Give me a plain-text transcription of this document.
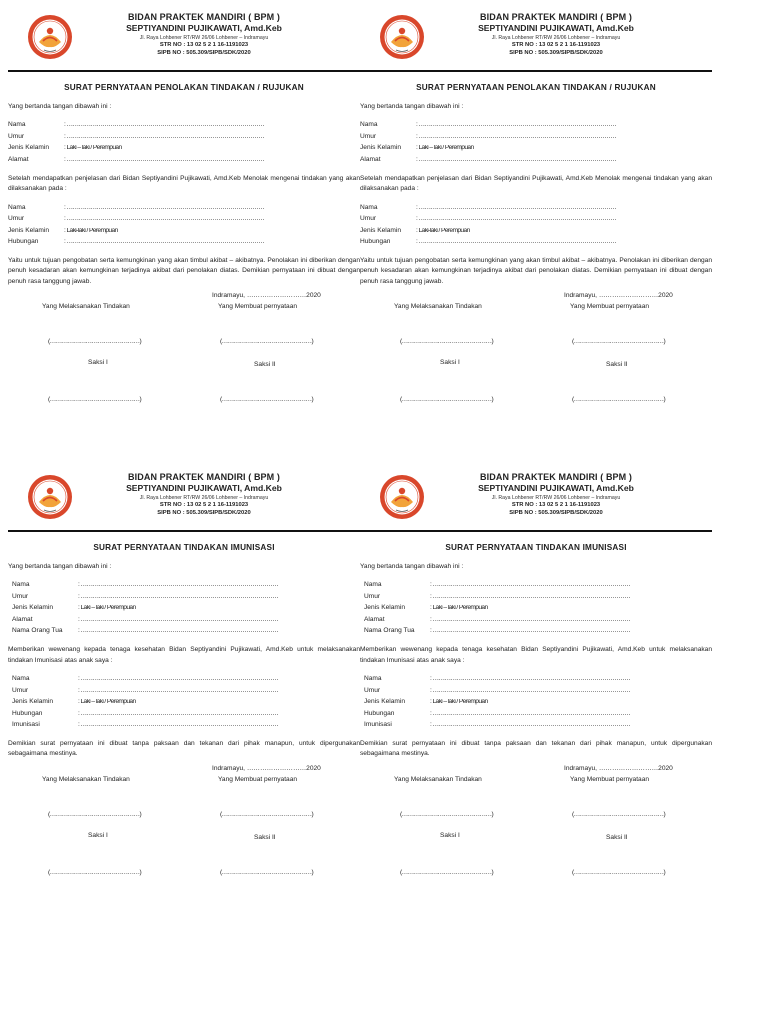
BIDAN PRAKTEK MANDIRI ( BPM )
SEPTIYANDINI PUJIKAWATI, Amd.Keb
Jl. Raya Lohbener RT/RW 26/06 Lohbener – Indramayu
STR NO : 13 02 5 2 1 16-1191023
SIPB NO : 505.309/SIPB/SDK/2020
SURAT PERNYATAAN PENOLAKAN TINDAKAN / RUJUKAN
Yang bertanda tangan dibawah ini :
Nama	: ………………………………………………………………………………………
Umur	: ………………………………………………………………………………………
Jenis Kelamin	: Laki – laki / Perempuan
Alamat	: ………………………………………………………………………………………
Setelah mendapatkan penjelasan dari Bidan Septiyandini Pujikawati, Amd.Keb Menolak mengenai tindakan yang akan dilaksanakan pada :
Nama	: ………………………………………………………………………………………
Umur	: ………………………………………………………………………………………
Jenis Kelamin	: Laki-laki / Perempuan
Hubungan	: ………………………………………………………………………………………
Yaitu untuk tujuan pengobatan serta kemungkinan yang akan timbul akibat – akibatnya. Penolakan ini diberikan dengan penuh kesadaran akan kemungkinan terjadinya akibat dari penolakan diatas. Demikian pernyataan ini dibuat dengan penuh rasa tanggung jawab.
Indramayu, ………………………2020
Yang Melaksanakan Tindakan	Yang Membuat pernyataan
(………………………………………)	(………………………………………)
Saksi I	Saksi II
(………………………………………)	(………………………………………)
BIDAN PRAKTEK MANDIRI ( BPM )
SEPTIYANDINI PUJIKAWATI, Amd.Keb
Jl. Raya Lohbener RT/RW 26/06 Lohbener – Indramayu
STR NO : 13 02 5 2 1 16-1191023
SIPB NO : 505.309/SIPB/SDK/2020
SURAT PERNYATAAN PENOLAKAN TINDAKAN / RUJUKAN
Yang bertanda tangan dibawah ini :
Nama	: ………………………………………………………………………………………
Umur	: ………………………………………………………………………………………
Jenis Kelamin	: Laki – laki / Perempuan
Alamat	: ………………………………………………………………………………………
Setelah mendapatkan penjelasan dari Bidan Septiyandini Pujikawati, Amd.Keb Menolak mengenai tindakan yang akan dilaksanakan pada :
Nama	: ………………………………………………………………………………………
Umur	: ………………………………………………………………………………………
Jenis Kelamin	: Laki-laki / Perempuan
Hubungan	: ………………………………………………………………………………………
Yaitu untuk tujuan pengobatan serta kemungkinan yang akan timbul akibat – akibatnya. Penolakan ini diberikan dengan penuh kesadaran akan kemungkinan terjadinya akibat dari penolakan diatas. Demikian pernyataan ini dibuat dengan penuh rasa tanggung jawab.
Indramayu, ………………………2020
Yang Melaksanakan Tindakan	Yang Membuat pernyataan
(………………………………………)	(………………………………………)
Saksi I	Saksi II
(………………………………………)	(………………………………………)
BIDAN PRAKTEK MANDIRI ( BPM )
SEPTIYANDINI PUJIKAWATI, Amd.Keb
Jl. Raya Lohbener RT/RW 26/06 Lohbener – Indramayu
STR NO : 13 02 5 2 1 16-1191023
SIPB NO : 505.309/SIPB/SDK/2020
SURAT PERNYATAAN TINDAKAN IMUNISASI
Yang bertanda tangan dibawah ini :
Nama	: ………………………………………………………………………………………
Umur	: ………………………………………………………………………………………
Jenis Kelamin	: Laki – laki / Perempuan
Alamat	: ………………………………………………………………………………………
Nama Orang Tua	: ………………………………………………………………………………………
Memberikan wewenang kepada tenaga kesehatan Bidan Septiyandini Pujikawati, Amd.Keb untuk melaksanakan tindakan Imunisasi atas anak saya :
Nama	: ………………………………………………………………………………………
Umur	: ………………………………………………………………………………………
Jenis Kelamin	: Laki – laki / Perempuan
Hubungan	: ………………………………………………………………………………………
Imunisasi	: ………………………………………………………………………………………
Demikian surat pernyataan ini dibuat tanpa paksaan dan tekanan dari pihak manapun, untuk dipergunakan sebagaimana mestinya.
Indramayu, ………………………2020
Yang Melaksanakan Tindakan	Yang Membuat pernyataan
(………………………………………)	(………………………………………)
Saksi I	Saksi II
(………………………………………)	(………………………………………)
BIDAN PRAKTEK MANDIRI ( BPM )
SEPTIYANDINI PUJIKAWATI, Amd.Keb
Jl. Raya Lohbener RT/RW 26/06 Lohbener – Indramayu
STR NO : 13 02 5 2 1 16-1191023
SIPB NO : 505.309/SIPB/SDK/2020
SURAT PERNYATAAN TINDAKAN IMUNISASI
Yang bertanda tangan dibawah ini :
Nama	: ………………………………………………………………………………………
Umur	: ………………………………………………………………………………………
Jenis Kelamin	: Laki – laki / Perempuan
Alamat	: ………………………………………………………………………………………
Nama Orang Tua	: ………………………………………………………………………………………
Memberikan wewenang kepada tenaga kesehatan Bidan Septiyandini Pujikawati, Amd.Keb untuk melaksanakan tindakan Imunisasi atas anak saya :
Nama	: ………………………………………………………………………………………
Umur	: ………………………………………………………………………………………
Jenis Kelamin	: Laki – laki / Perempuan
Hubungan	: ………………………………………………………………………………………
Imunisasi	: ………………………………………………………………………………………
Demikian surat pernyataan ini dibuat tanpa paksaan dan tekanan dari pihak manapun, untuk dipergunakan sebagaimana mestinya.
Indramayu, ………………………2020
Yang Melaksanakan Tindakan	Yang Membuat pernyataan
(………………………………………)	(………………………………………)
Saksi I	Saksi II
(………………………………………)	(………………………………………)
